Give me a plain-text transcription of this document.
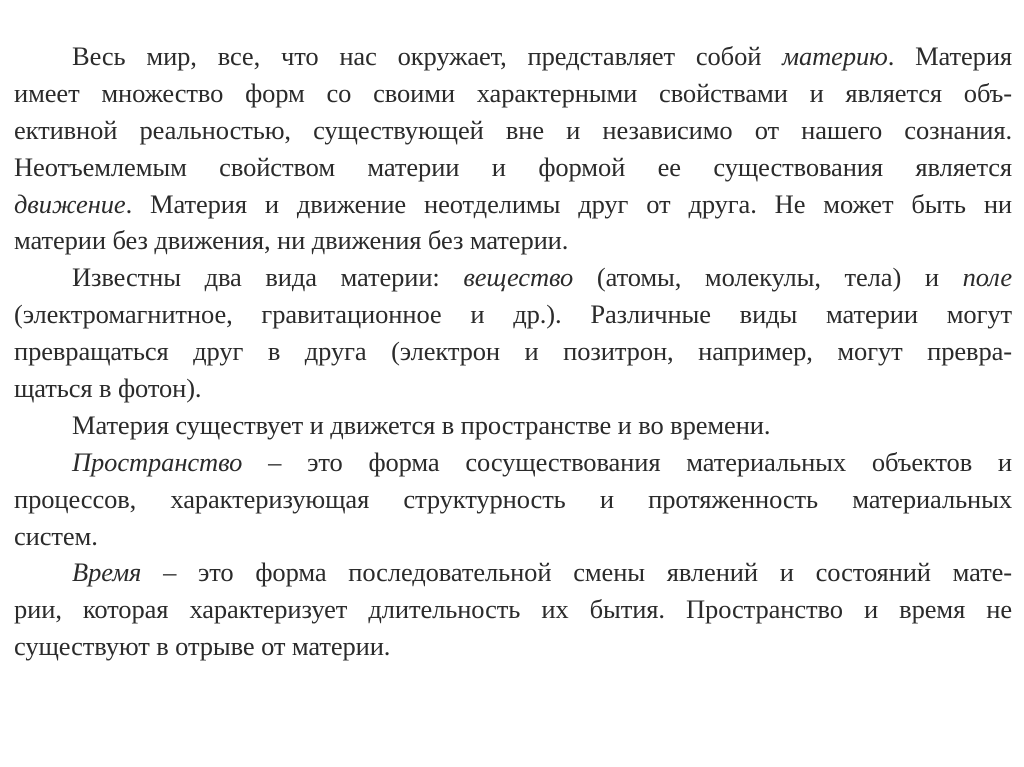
Весь мир, все, что нас окружает, представляет собой материю. Материя
имеет множество форм со своими характерными свойствами и является объ-
ективной реальностью, существующей вне и независимо от нашего сознания.
Неотъемлемым свойством материи и формой ее существования является
движение. Материя и движение неотделимы друг от друга. Не может быть ни
материи без движения, ни движения без материи.
Известны два вида материи: вещество (атомы, молекулы, тела) и поле
(электромагнитное, гравитационное и др.). Различные виды материи могут
превращаться друг в друга (электрон и позитрон, например, могут превра-
щаться в фотон).
Материя существует и движется в пространстве и во времени.
Пространство – это форма сосуществования материальных объектов и
процессов, характеризующая структурность и протяженность материальных
систем.
Время – это форма последовательной смены явлений и состояний мате-
рии, которая характеризует длительность их бытия. Пространство и время не
существуют в отрыве от материи.
